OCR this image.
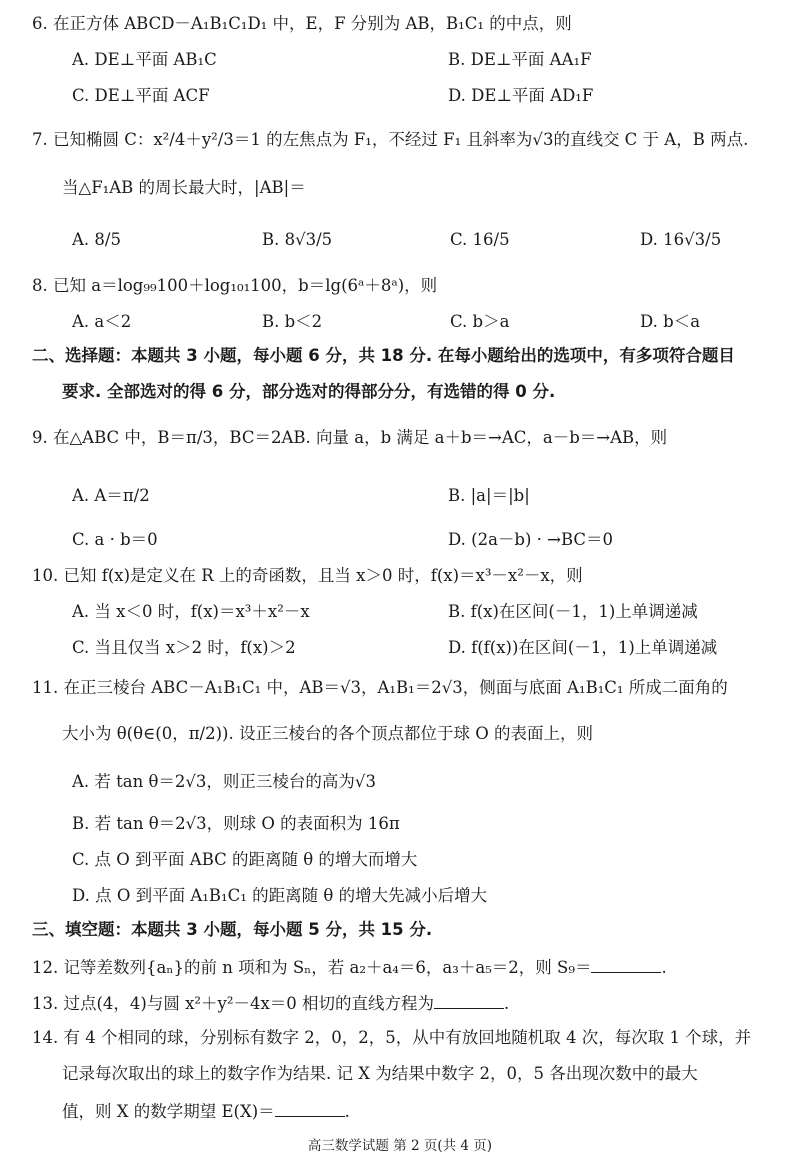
6. 在正方体 ABCD－A₁B₁C₁D₁ 中，E，F 分别为 AB，B₁C₁ 的中点，则
A. DE⊥平面 AB₁C	B. DE⊥平面 AA₁F
C. DE⊥平面 ACF	D. DE⊥平面 AD₁F
7. 已知椭圆 C：x²/4＋y²/3＝1 的左焦点为 F₁，不经过 F₁ 且斜率为√3的直线交 C 于 A，B 两点.
当△F₁AB 的周长最大时，|AB|＝
A. 8/5	B. 8√3/5	C. 16/5	D. 16√3/5
8. 已知 a＝log₉₉100＋log₁₀₁100，b＝lg(6ᵃ＋8ᵃ)，则
A. a＜2	B. b＜2	C. b＞a	D. b＜a
二、选择题：本题共 3 小题，每小题 6 分，共 18 分. 在每小题给出的选项中，有多项符合题目
要求. 全部选对的得 6 分，部分选对的得部分分，有选错的得 0 分.
9. 在△ABC 中，B＝π/3，BC＝2AB. 向量 a，b 满足 a＋b＝→AC，a－b＝→AB，则
A. A＝π/2	B. |a|＝|b|
C. a · b＝0	D. (2a－b) · →BC＝0
10. 已知 f(x)是定义在 R 上的奇函数，且当 x＞0 时，f(x)＝x³－x²－x，则
A. 当 x＜0 时，f(x)＝x³＋x²－x	B. f(x)在区间(－1，1)上单调递减
C. 当且仅当 x＞2 时，f(x)＞2	D. f(f(x))在区间(－1，1)上单调递减
11. 在正三棱台 ABC－A₁B₁C₁ 中，AB＝√3，A₁B₁＝2√3，侧面与底面 A₁B₁C₁ 所成二面角的
大小为 θ(θ∈(0，π/2)). 设正三棱台的各个顶点都位于球 O 的表面上，则
A. 若 tan θ＝2√3，则正三棱台的高为√3
B. 若 tan θ＝2√3，则球 O 的表面积为 16π
C. 点 O 到平面 ABC 的距离随 θ 的增大而增大
D. 点 O 到平面 A₁B₁C₁ 的距离随 θ 的增大先减小后增大
三、填空题：本题共 3 小题，每小题 5 分，共 15 分.
12. 记等差数列{aₙ}的前 n 项和为 Sₙ，若 a₂＋a₄＝6，a₃＋a₅＝2，则 S₉＝	.
13. 过点(4，4)与圆 x²＋y²－4x＝0 相切的直线方程为	.
14. 有 4 个相同的球，分别标有数字 2，0，2，5，从中有放回地随机取 4 次，每次取 1 个球，并
记录每次取出的球上的数字作为结果. 记 X 为结果中数字 2，0，5 各出现次数中的最大
值，则 X 的数学期望 E(X)＝	.
高三数学试题 第 2 页(共 4 页)
